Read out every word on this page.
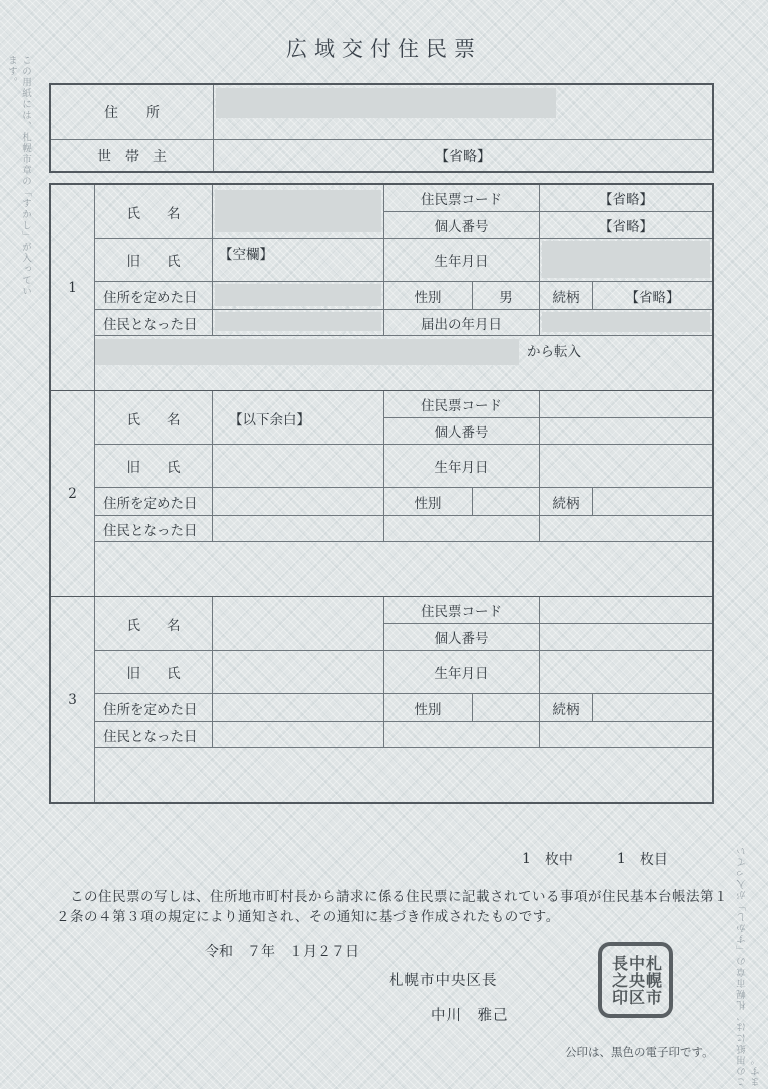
この用紙には、札幌市章の「すかし」が入っています。
この用紙には、札幌市章の「すかし」が入っています。
広域交付住民票
住　　所
世　帯　主	【省略】
1
氏　　名
住民票コード	【省略】
個人番号	【省略】
旧　　氏	【空欄】	生年月日
住所を定めた日	性別	男	続柄	【省略】
住民となった日	届出の年月日
から転入
2
氏　　名	【以下余白】
住民票コード
個人番号
旧　　氏	生年月日
住所を定めた日	性別	続柄
住民となった日
3
氏　　名
住民票コード
個人番号
旧　　氏	生年月日
住所を定めた日	性別	続柄
住民となった日
1 枚中	1 枚目
　この住民票の写しは、住所地市町村長から請求に係る住民票に記載されている事項が住民基本台帳法第１２条の４第３項の規定により通知され、その通知に基づき作成されたものです。
令和　７年　１月２７日
札幌市中央区長
中川　雅己
札幌市
中央区
長之印
公印は、黒色の電子印です。
